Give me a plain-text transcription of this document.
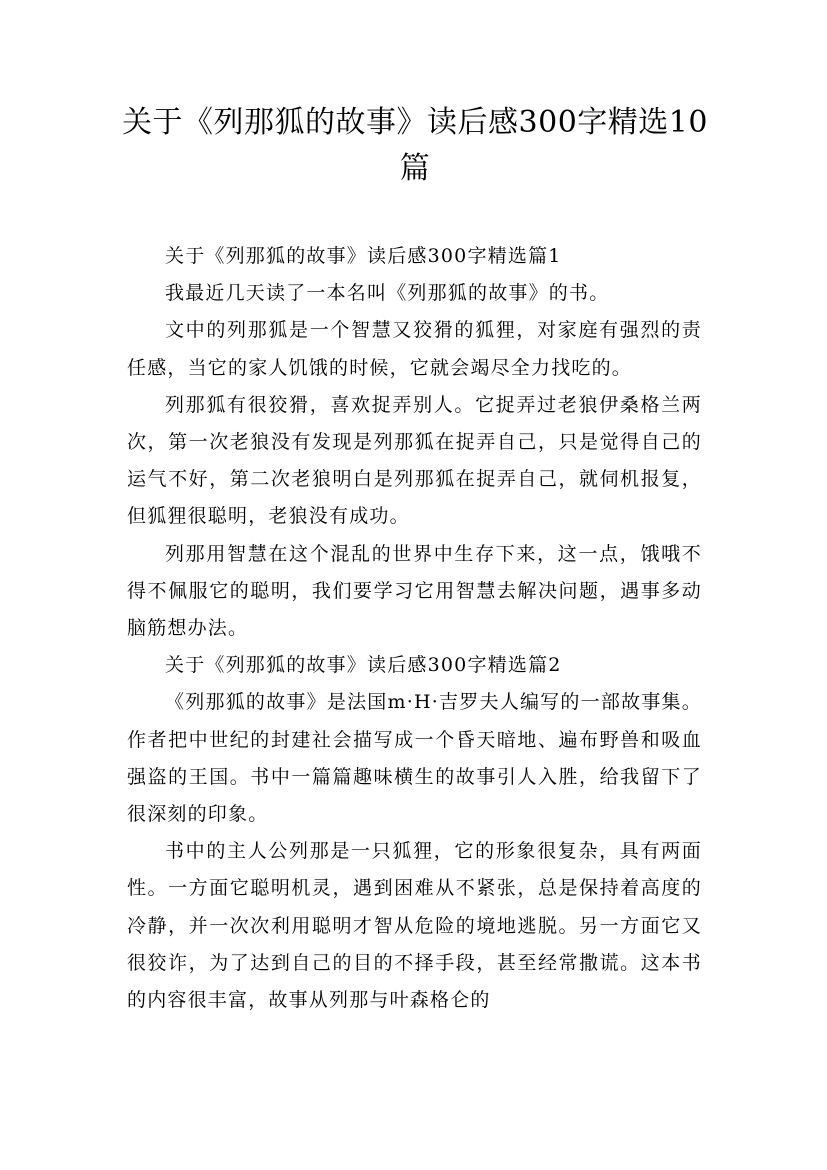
关于《列那狐的故事》读后感300字精选10篇

关于《列那狐的故事》读后感300字精选篇1

我最近几天读了一本名叫《列那狐的故事》的书。

文中的列那狐是一个智慧又狡猾的狐狸，对家庭有强烈的责任感，当它的家人饥饿的时候，它就会竭尽全力找吃的。

列那狐有很狡猾，喜欢捉弄别人。它捉弄过老狼伊桑格兰两次，第一次老狼没有发现是列那狐在捉弄自己，只是觉得自己的运气不好，第二次老狼明白是列那狐在捉弄自己，就伺机报复，但狐狸很聪明，老狼没有成功。

列那用智慧在这个混乱的世界中生存下来，这一点，饿哦不得不佩服它的聪明，我们要学习它用智慧去解决问题，遇事多动脑筋想办法。

关于《列那狐的故事》读后感300字精选篇2

《列那狐的故事》是法国m·H·吉罗夫人编写的一部故事集。作者把中世纪的封建社会描写成一个昏天暗地、遍布野兽和吸血强盗的王国。书中一篇篇趣味横生的故事引人入胜，给我留下了很深刻的印象。

书中的主人公列那是一只狐狸，它的形象很复杂，具有两面性。一方面它聪明机灵，遇到困难从不紧张，总是保持着高度的冷静，并一次次利用聪明才智从危险的境地逃脱。另一方面它又很狡诈，为了达到自己的目的不择手段，甚至经常撒谎。这本书的内容很丰富，故事从列那与叶森格仑的
